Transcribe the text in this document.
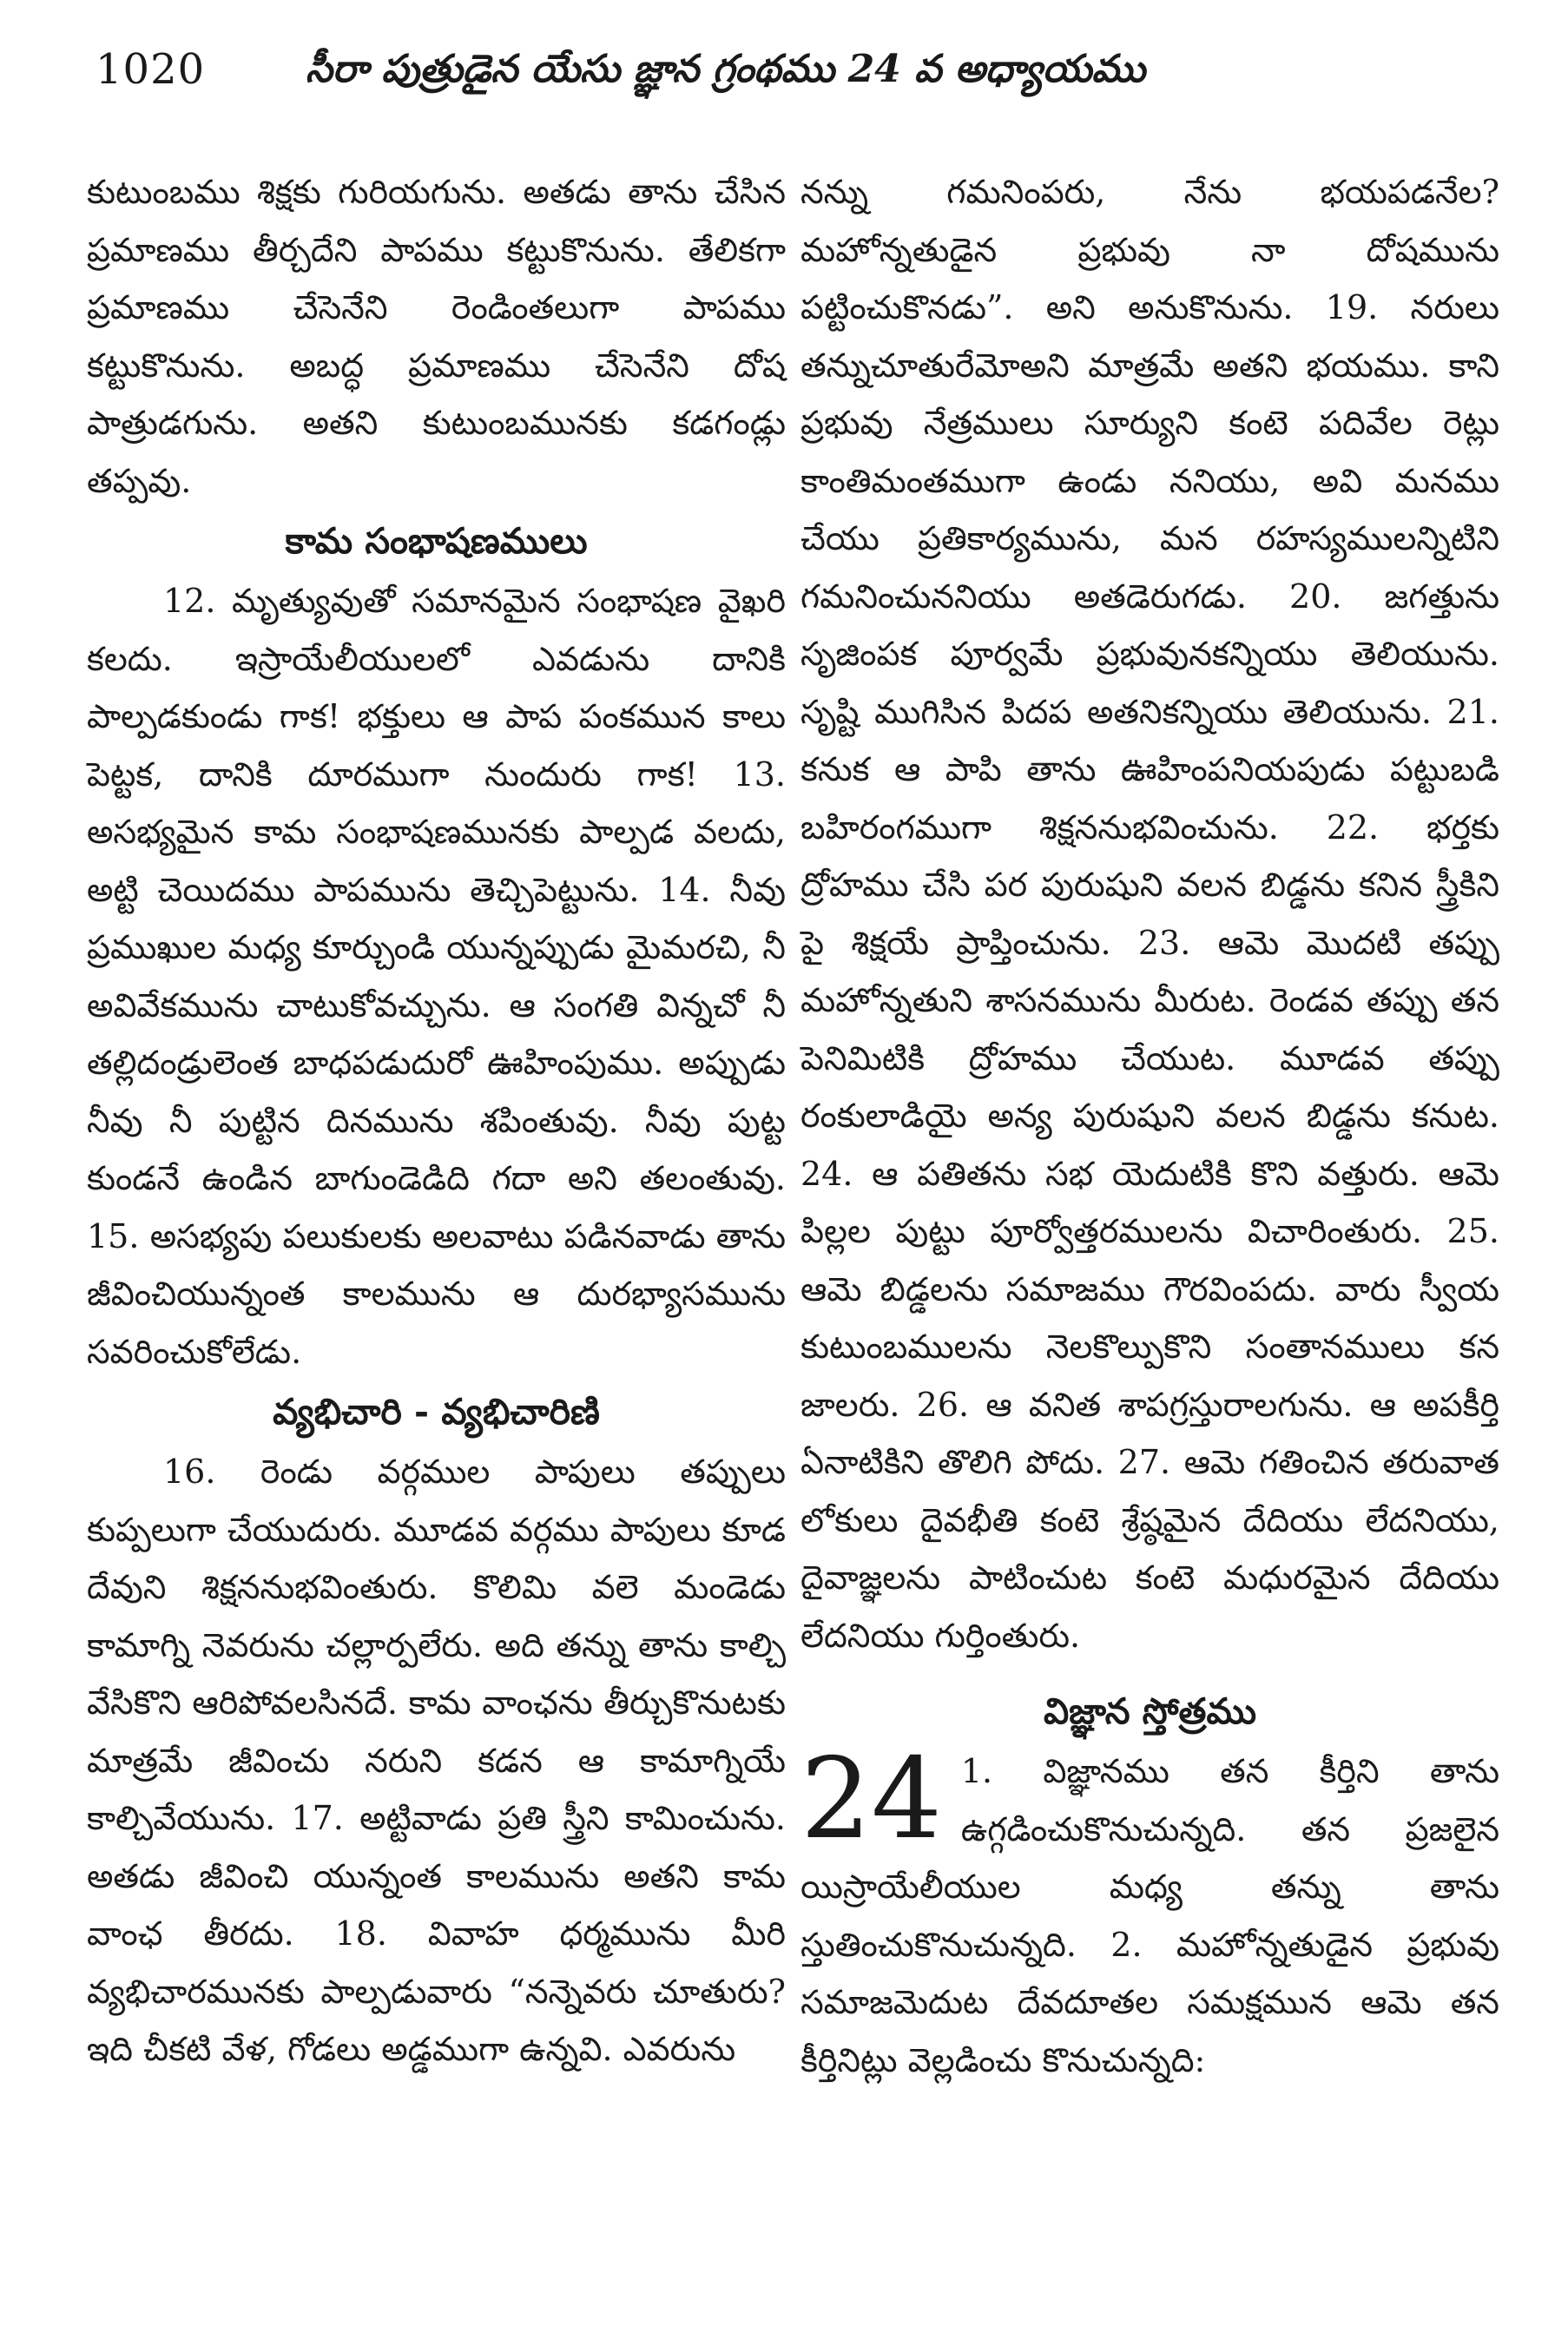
1020	సీరా పుత్రుడైన యేసు జ్ఞాన గ్రంథము 24 వ అధ్యాయము

కుటుంబము శిక్షకు గురియగును. అతడు తాను చేసిన ప్రమాణము తీర్చదేని పాపము కట్టుకొనును. తేలికగా ప్రమాణము చేసెనేని రెండింతలుగా పాపము కట్టుకొనును. అబద్ధ ప్రమాణము చేసెనేని దోష పాత్రుడగును. అతని కుటుంబమునకు కడగండ్లు తప్పవు.

కామ సంభాషణములు

12. మృత్యువుతో సమానమైన సంభాషణ వైఖరి కలదు. ఇస్రాయేలీయులలో ఎవడును దానికి పాల్పడకుండు గాక! భక్తులు ఆ పాప పంకమున కాలు పెట్టక, దానికి దూరముగా నుందురు గాక! 13. అసభ్యమైన కామ సంభాషణమునకు పాల్పడ వలదు, అట్టి చెయిదము పాపమును తెచ్చిపెట్టును. 14. నీవు ప్రముఖుల మధ్య కూర్చుండి యున్నప్పుడు మైమరచి, నీ అవివేకమును చాటుకోవచ్చును. ఆ సంగతి విన్నచో నీ తల్లిదండ్రులెంత బాధపడుదురో ఊహింపుము. అప్పుడు నీవు నీ పుట్టిన దినమును శపింతువు. నీవు పుట్ట కుండనే ఉండిన బాగుండెడిది గదా అని తలంతువు. 15. అసభ్యపు పలుకులకు అలవాటు పడినవాడు తాను జీవించియున్నంత కాలమును ఆ దురభ్యాసమును సవరించుకోలేడు.

వ్యభిచారి - వ్యభిచారిణి

16. రెండు వర్గముల పాపులు తప్పులు కుప్పలుగా చేయుదురు. మూడవ వర్గము పాపులు కూడ దేవుని శిక్షననుభవింతురు. కొలిమి వలె మండెడు కామాగ్ని నెవరును చల్లార్పలేరు. అది తన్ను తాను కాల్చి వేసికొని ఆరిపోవలసినదే. కామ వాంఛను తీర్చుకొనుటకు మాత్రమే జీవించు నరుని కడన ఆ కామాగ్నియే కాల్చివేయును. 17. అట్టివాడు ప్రతి స్త్రీని కామించును. అతడు జీవించి యున్నంత కాలమును అతని కామ వాంఛ తీరదు. 18. వివాహ ధర్మమును మీరి వ్యభిచారమునకు పాల్పడువారు “నన్నెవరు చూతురు? ఇది చీకటి వేళ, గోడలు అడ్డముగా ఉన్నవి. ఎవరును

నన్ను గమనింపరు, నేను భయపడనేల? మహోన్నతుడైన ప్రభువు నా దోషమును పట్టించుకొనడు”. అని అనుకొనును. 19. నరులు తన్నుచూతురేమోఅని మాత్రమే అతని భయము. కాని ప్రభువు నేత్రములు సూర్యుని కంటె పదివేల రెట్లు కాంతిమంతముగా ఉండు ననియు, అవి మనము చేయు ప్రతికార్యమును, మన రహస్యములన్నిటిని గమనించుననియు అతడెరుగడు. 20. జగత్తును సృజింపక పూర్వమే ప్రభువునకన్నియు తెలియును. సృష్టి ముగిసిన పిదప అతనికన్నియు తెలియును. 21. కనుక ఆ పాపి తాను ఊహింపనియపుడు పట్టుబడి బహిరంగముగా శిక్షననుభవించును. 22. భర్తకు ద్రోహము చేసి పర పురుషుని వలన బిడ్డను కనిన స్త్రీకిని పై శిక్షయే ప్రాప్తించును. 23. ఆమె మొదటి తప్పు మహోన్నతుని శాసనమును మీరుట. రెండవ తప్పు తన పెనిమిటికి ద్రోహము చేయుట. మూడవ తప్పు రంకులాడియై అన్య పురుషుని వలన బిడ్డను కనుట. 24. ఆ పతితను సభ యెదుటికి కొని వత్తురు. ఆమె పిల్లల పుట్టు పూర్వోత్తరములను విచారింతురు. 25. ఆమె బిడ్డలను సమాజము గౌరవింపదు. వారు స్వీయ కుటుంబములను నెలకొల్పుకొని సంతానములు కన జాలరు. 26. ఆ వనిత శాపగ్రస్తురాలగును. ఆ అపకీర్తి ఏనాటికిని తొలిగి పోదు. 27. ఆమె గతించిన తరువాత లోకులు దైవభీతి కంటె శ్రేష్ఠమైన దేదియు లేదనియు, దైవాజ్ఞలను పాటించుట కంటె మధురమైన దేదియు లేదనియు గుర్తింతురు.

విజ్ఞాన స్తోత్రము

24 1. విజ్ఞానము తన కీర్తిని తాను ఉగ్గడించుకొనుచున్నది. తన ప్రజలైన యిస్రాయేలీయుల మధ్య తన్ను తాను స్తుతించుకొనుచున్నది. 2. మహోన్నతుడైన ప్రభువు సమాజమెదుట దేవదూతల సమక్షమున ఆమె తన కీర్తినిట్లు వెల్లడించు కొనుచున్నది:
